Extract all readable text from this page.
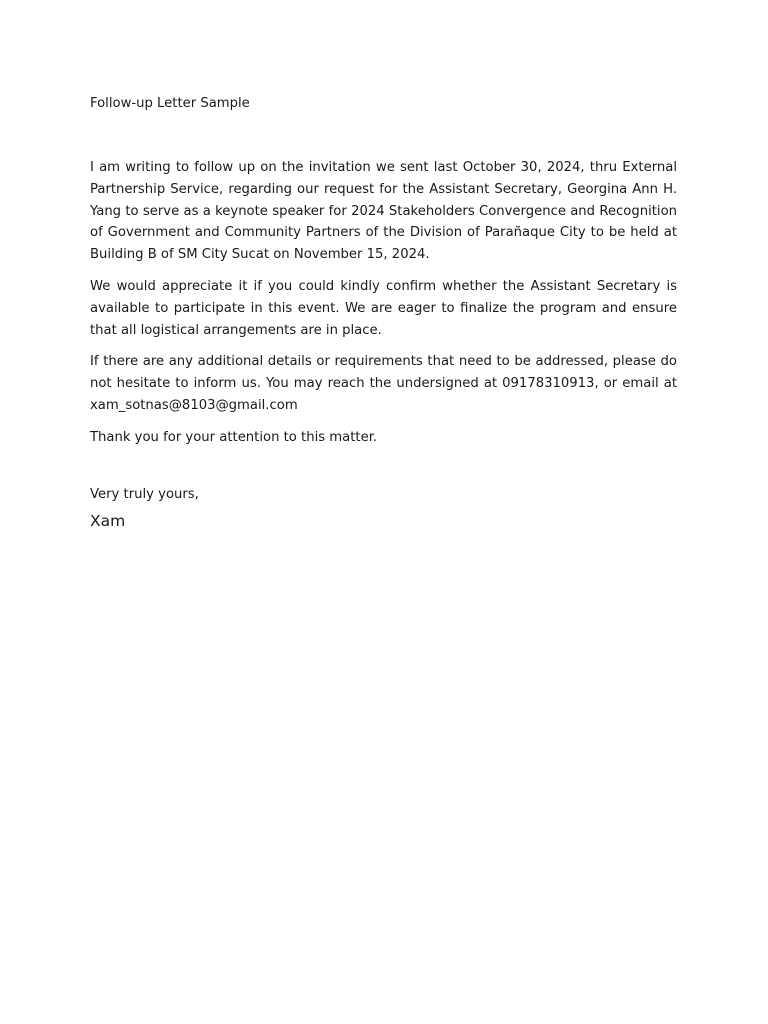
Follow-up Letter Sample

I am writing to follow up on the invitation we sent last October 30, 2024, thru External Partnership Service, regarding our request for the Assistant Secretary, Georgina Ann H. Yang to serve as a keynote speaker for 2024 Stakeholders Convergence and Recognition of Government and Community Partners of the Division of Parañaque City to be held at Building B of SM City Sucat on November 15, 2024.

We would appreciate it if you could kindly confirm whether the Assistant Secretary is available to participate in this event. We are eager to finalize the program and ensure that all logistical arrangements are in place.

If there are any additional details or requirements that need to be addressed, please do not hesitate to inform us. You may reach the undersigned at 09178310913, or email at xam_sotnas@8103@gmail.com

Thank you for your attention to this matter.

Very truly yours,

Xam
